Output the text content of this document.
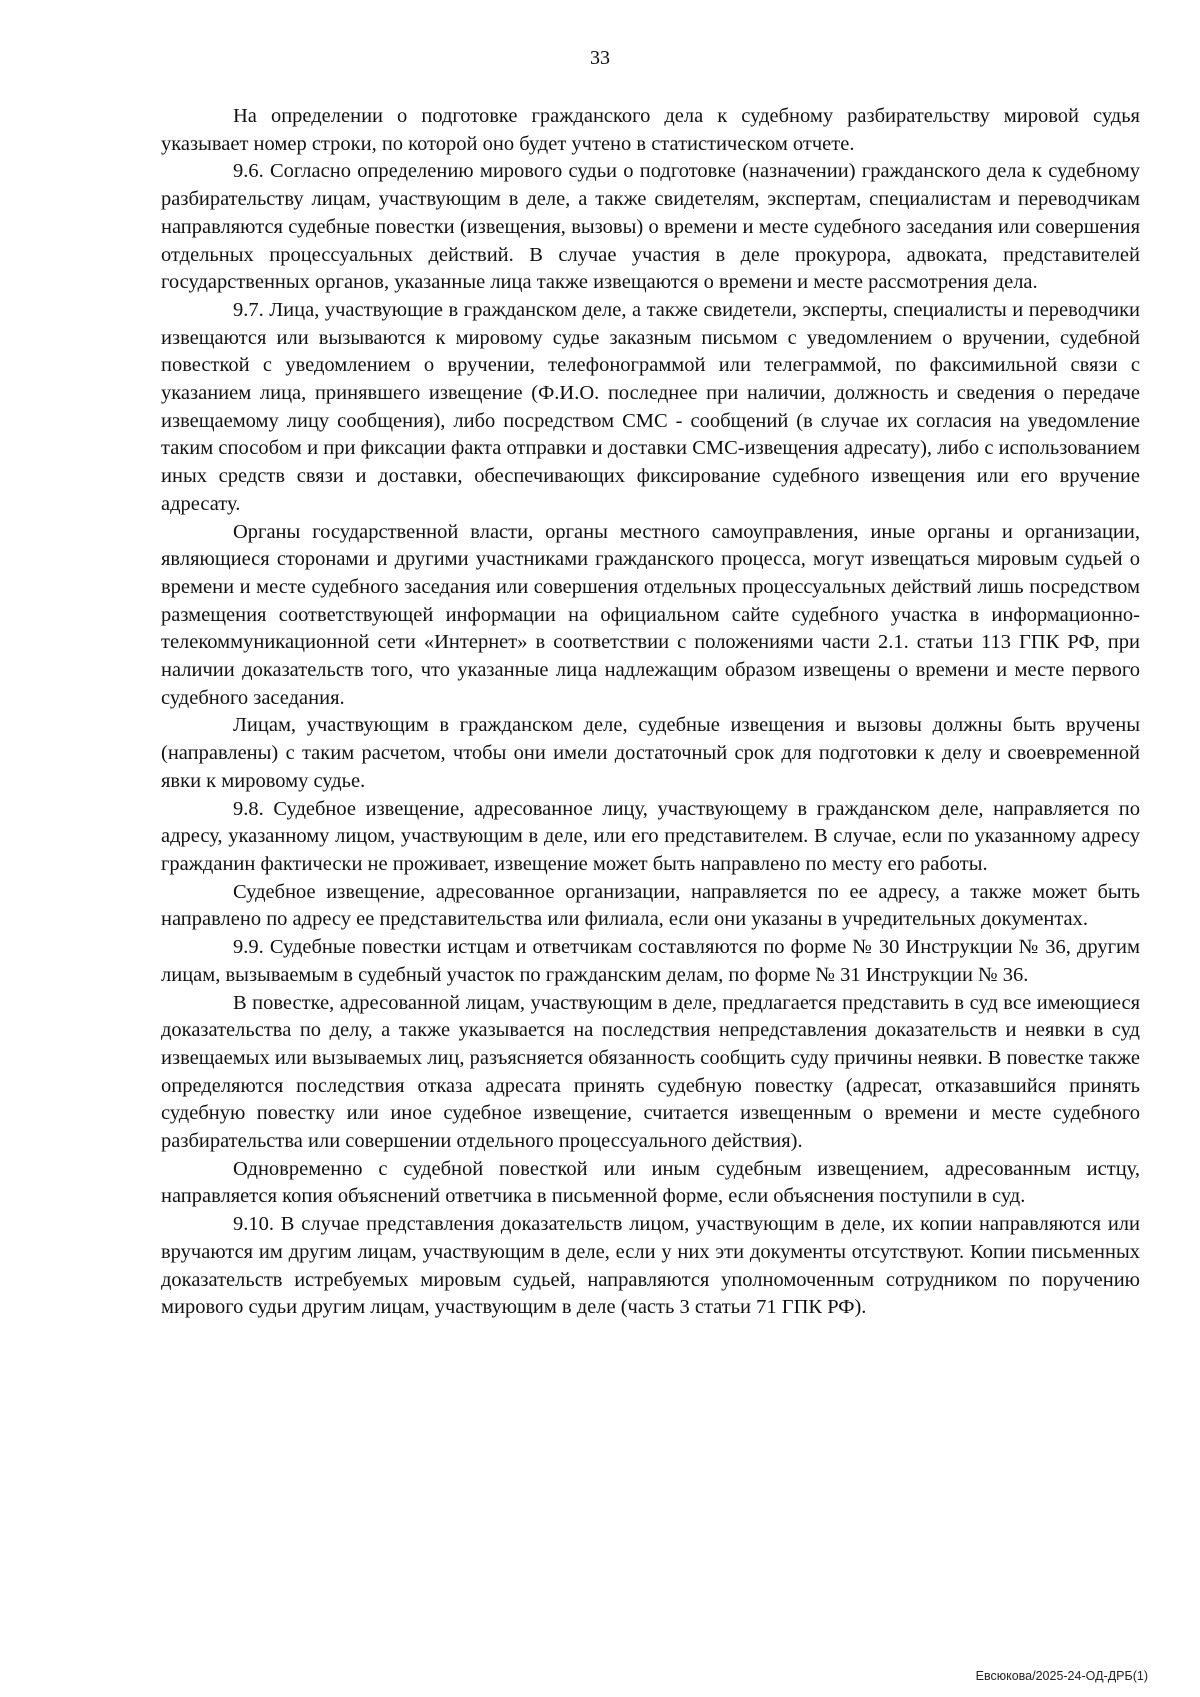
33

На определении о подготовке гражданского дела к судебному разбирательству мировой судья указывает номер строки, по которой оно будет учтено в статистическом отчете.

9.6. Согласно определению мирового судьи о подготовке (назначении) гражданского дела к судебному разбирательству лицам, участвующим в деле, а также свидетелям, экспертам, специалистам и переводчикам направляются судебные повестки (извещения, вызовы) о времени и месте судебного заседания или совершения отдельных процессуальных действий. В случае участия в деле прокурора, адвоката, представителей государственных органов, указанные лица также извещаются о времени и месте рассмотрения дела.

9.7. Лица, участвующие в гражданском деле, а также свидетели, эксперты, специалисты и переводчики извещаются или вызываются к мировому судье заказным письмом с уведомлением о вручении, судебной повесткой с уведомлением о вручении, телефонограммой или телеграммой, по факсимильной связи с указанием лица, принявшего извещение (Ф.И.О. последнее при наличии, должность и сведения о передаче извещаемому лицу сообщения), либо посредством СМС - сообщений (в случае их согласия на уведомление таким способом и при фиксации факта отправки и доставки СМС-извещения адресату), либо с использованием иных средств связи и доставки, обеспечивающих фиксирование судебного извещения или его вручение адресату.

Органы государственной власти, органы местного самоуправления, иные органы и организации, являющиеся сторонами и другими участниками гражданского процесса, могут извещаться мировым судьей о времени и месте судебного заседания или совершения отдельных процессуальных действий лишь посредством размещения соответствующей информации на официальном сайте судебного участка в информационно-телекоммуникационной сети «Интернет» в соответствии с положениями части 2.1. статьи 113 ГПК РФ, при наличии доказательств того, что указанные лица надлежащим образом извещены о времени и месте первого судебного заседания.

Лицам, участвующим в гражданском деле, судебные извещения и вызовы должны быть вручены (направлены) с таким расчетом, чтобы они имели достаточный срок для подготовки к делу и своевременной явки к мировому судье.

9.8. Судебное извещение, адресованное лицу, участвующему в гражданском деле, направляется по адресу, указанному лицом, участвующим в деле, или его представителем. В случае, если по указанному адресу гражданин фактически не проживает, извещение может быть направлено по месту его работы.

Судебное извещение, адресованное организации, направляется по ее адресу, а также может быть направлено по адресу ее представительства или филиала, если они указаны в учредительных документах.

9.9. Судебные повестки истцам и ответчикам составляются по форме № 30 Инструкции № 36, другим лицам, вызываемым в судебный участок по гражданским делам, по форме № 31 Инструкции № 36.

В повестке, адресованной лицам, участвующим в деле, предлагается представить в суд все имеющиеся доказательства по делу, а также указывается на последствия непредставления доказательств и неявки в суд извещаемых или вызываемых лиц, разъясняется обязанность сообщить суду причины неявки. В повестке также определяются последствия отказа адресата принять судебную повестку (адресат, отказавшийся принять судебную повестку или иное судебное извещение, считается извещенным о времени и месте судебного разбирательства или совершении отдельного процессуального действия).

Одновременно с судебной повесткой или иным судебным извещением, адресованным истцу, направляется копия объяснений ответчика в письменной форме, если объяснения поступили в суд.

9.10. В случае представления доказательств лицом, участвующим в деле, их копии направляются или вручаются им другим лицам, участвующим в деле, если у них эти документы отсутствуют. Копии письменных доказательств истребуемых мировым судьей, направляются уполномоченным сотрудником по поручению мирового судьи другим лицам, участвующим в деле (часть 3 статьи 71 ГПК РФ).

Евсюкова/2025-24-ОД-ДРБ(1)
